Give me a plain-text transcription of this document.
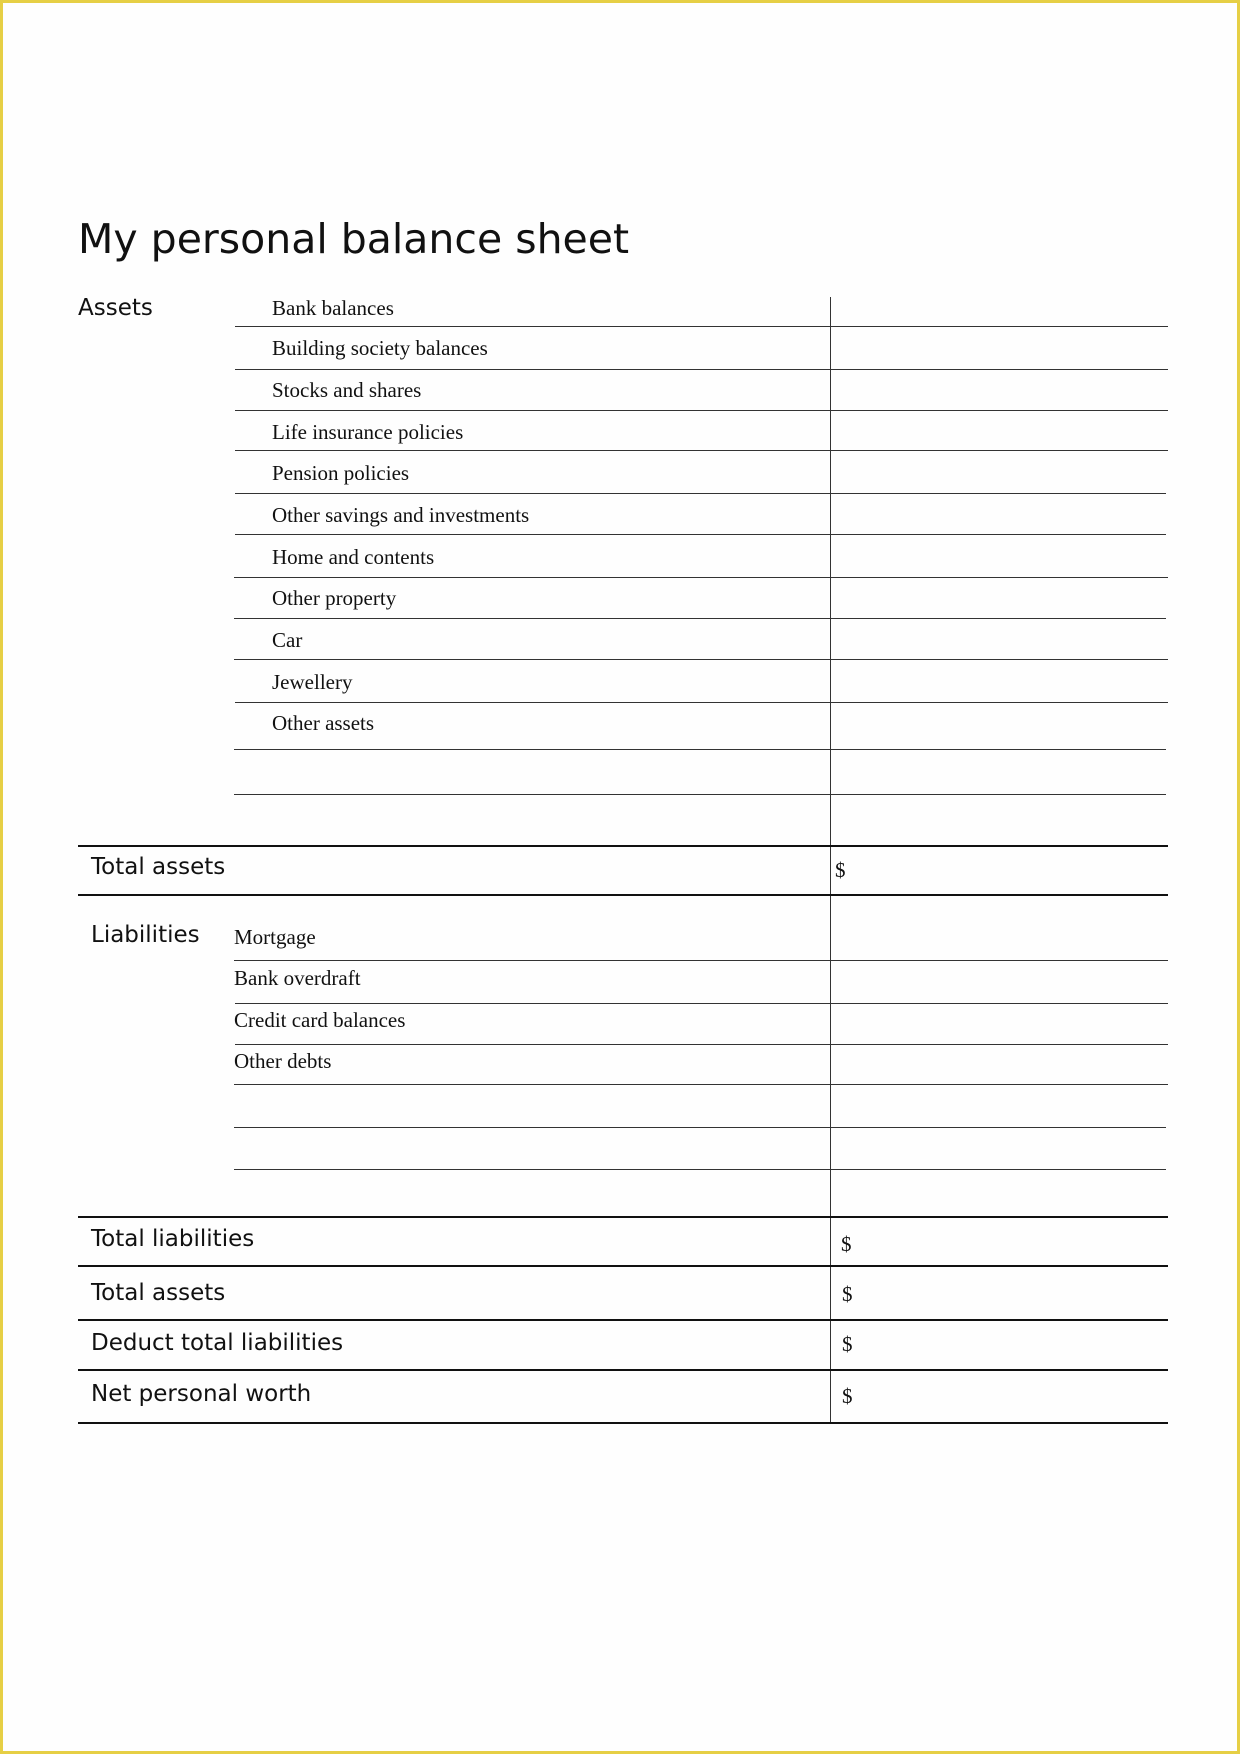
My personal balance sheet
Assets	Bank balances
Building society balances
Stocks and shares
Life insurance policies
Pension policies
Other savings and investments
Home and contents
Other property
Car
Jewellery
Other assets
Total assets	$
Liabilities Mortgage
Bank overdraft
Credit card balances
Other debts
Total liabilities	$
Total assets	$
Deduct total liabilities	$
Net personal worth	$
